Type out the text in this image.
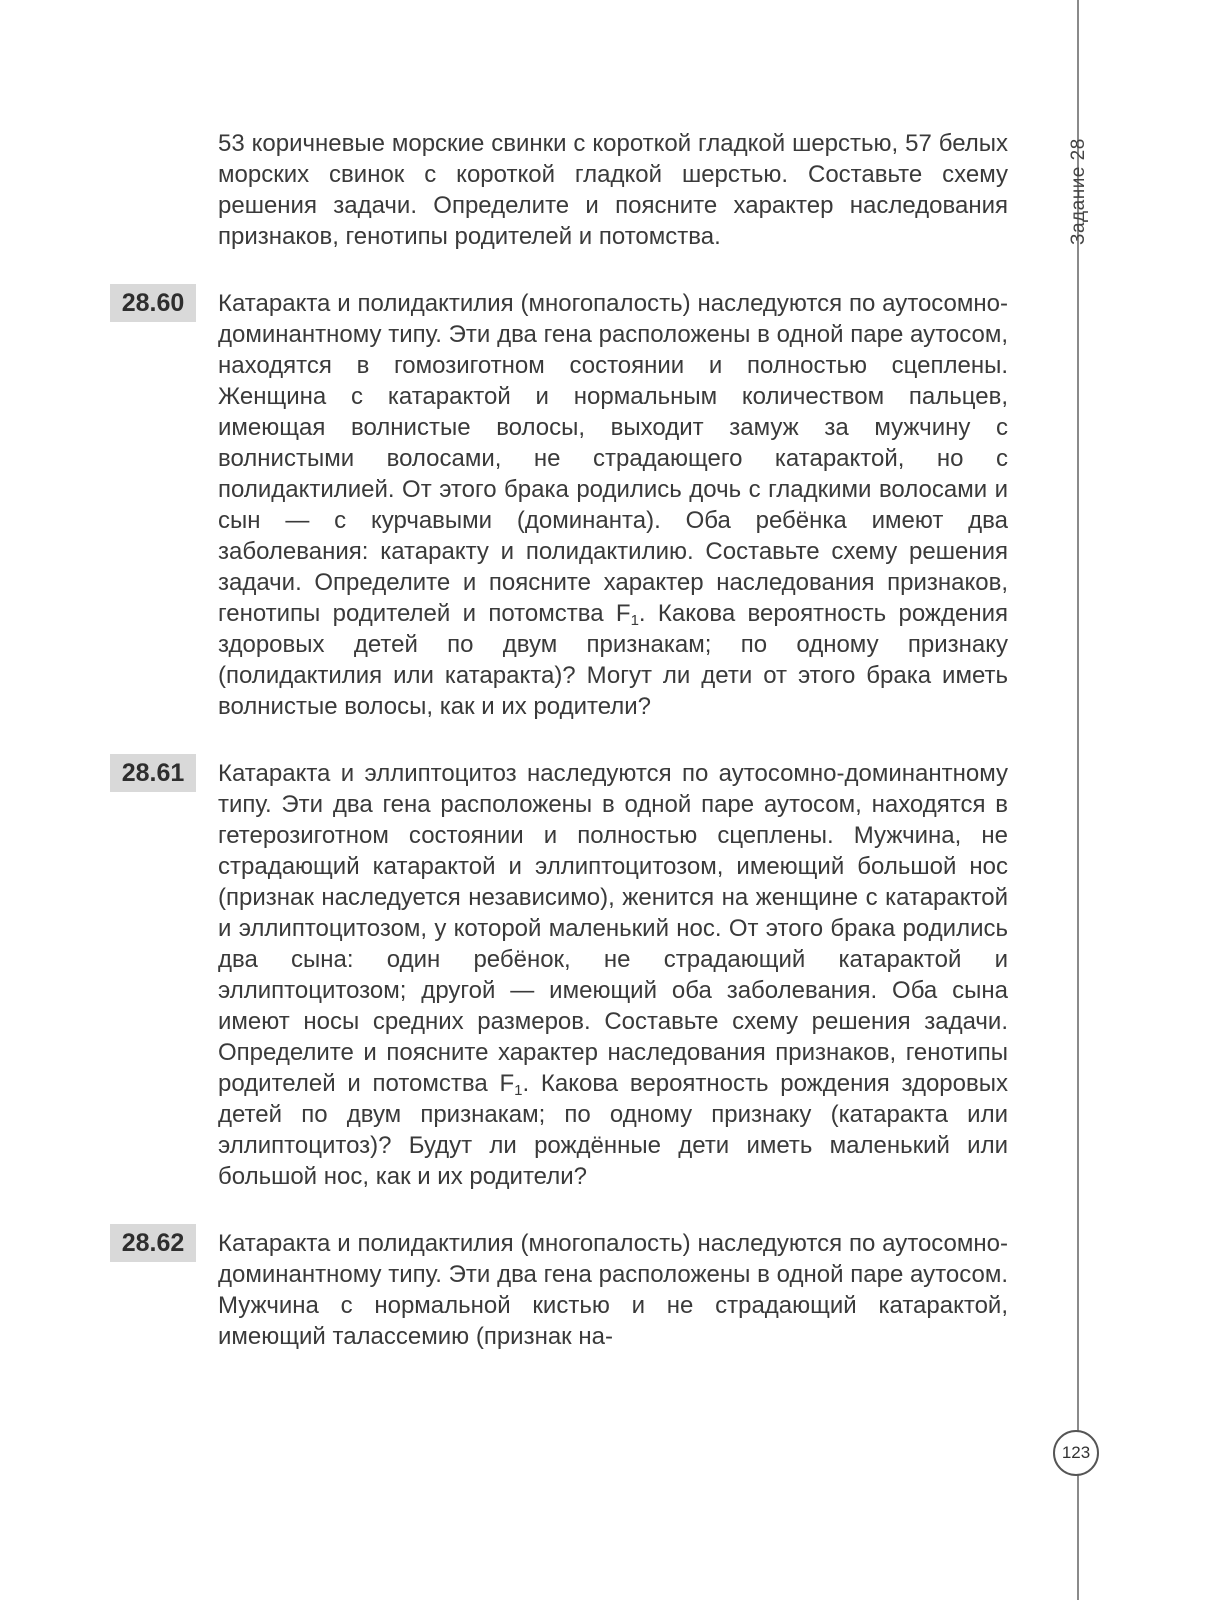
Задание 28
123

53 коричневые морские свинки с короткой гладкой шерстью, 57 белых морских свинок с короткой гладкой шерстью. Составьте схему решения задачи. Определите и поясните характер наследования признаков, генотипы родителей и потомства.

28.60	Катаракта и полидактилия (многопалость) наследуются по аутосомно-доминантному типу. Эти два гена расположены в одной паре аутосом, находятся в гомозиготном состоянии и полностью сцеплены. Женщина с катарактой и нормальным количеством пальцев, имеющая волнистые волосы, выходит замуж за мужчину с волнистыми волосами, не страдающего катарактой, но с полидактилией. От этого брака родились дочь с гладкими волосами и сын — с курчавыми (доминанта). Оба ребёнка имеют два заболевания: катаракту и полидактилию. Составьте схему решения задачи. Определите и поясните характер наследования признаков, генотипы родителей и потомства $F_1$. Какова вероятность рождения здоровых детей по двум признакам; по одному признаку (полидактилия или катаракта)? Могут ли дети от этого брака иметь волнистые волосы, как и их родители?

28.61	Катаракта и эллиптоцитоз наследуются по аутосомно-доминантному типу. Эти два гена расположены в одной паре аутосом, находятся в гетерозиготном состоянии и полностью сцеплены. Мужчина, не страдающий катарактой и эллиптоцитозом, имеющий большой нос (признак наследуется независимо), женится на женщине с катарактой и эллиптоцитозом, у которой маленький нос. От этого брака родились два сына: один ребёнок, не страдающий катарактой и эллиптоцитозом; другой — имеющий оба заболевания. Оба сына имеют носы средних размеров. Составьте схему решения задачи. Определите и поясните характер наследования признаков, генотипы родителей и потомства $F_1$. Какова вероятность рождения здоровых детей по двум признакам; по одному признаку (катаракта или эллиптоцитоз)? Будут ли рождённые дети иметь маленький или большой нос, как и их родители?

28.62	Катаракта и полидактилия (многопалость) наследуются по аутосомно-доминантному типу. Эти два гена расположены в одной паре аутосом. Мужчина с нормальной кистью и не страдающий катарактой, имеющий талассемию (признак на-
